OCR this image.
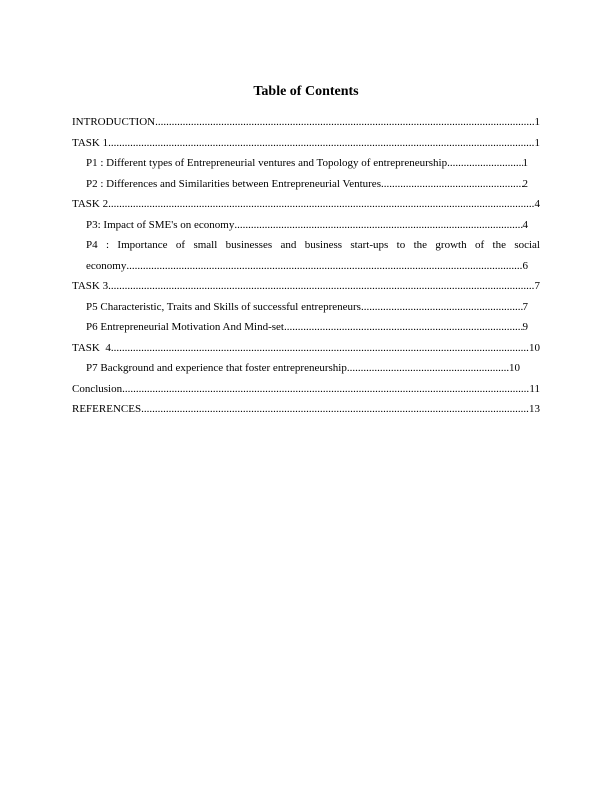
Table of Contents
INTRODUCTION .....	1
TASK 1 .....	1
P1 : Different types of Entrepreneurial ventures and Topology of entrepreneurship .....	1
P2 : Differences and Similarities between Entrepreneurial Ventures .....	2
TASK 2 .....	4
P3: Impact of SME's on economy .....	4
P4 : Importance of small businesses and business start-ups to the growth of the social
economy .....	6
TASK 3 .....	7
P5 Characteristic, Traits and Skills of successful entrepreneurs .....	7
P6 Entrepreneurial Motivation And Mind-set .....	9
TASK  4 .....	10
P7 Background and experience that foster entrepreneurship .....	10
Conclusion .....	11
REFERENCES .....	13
